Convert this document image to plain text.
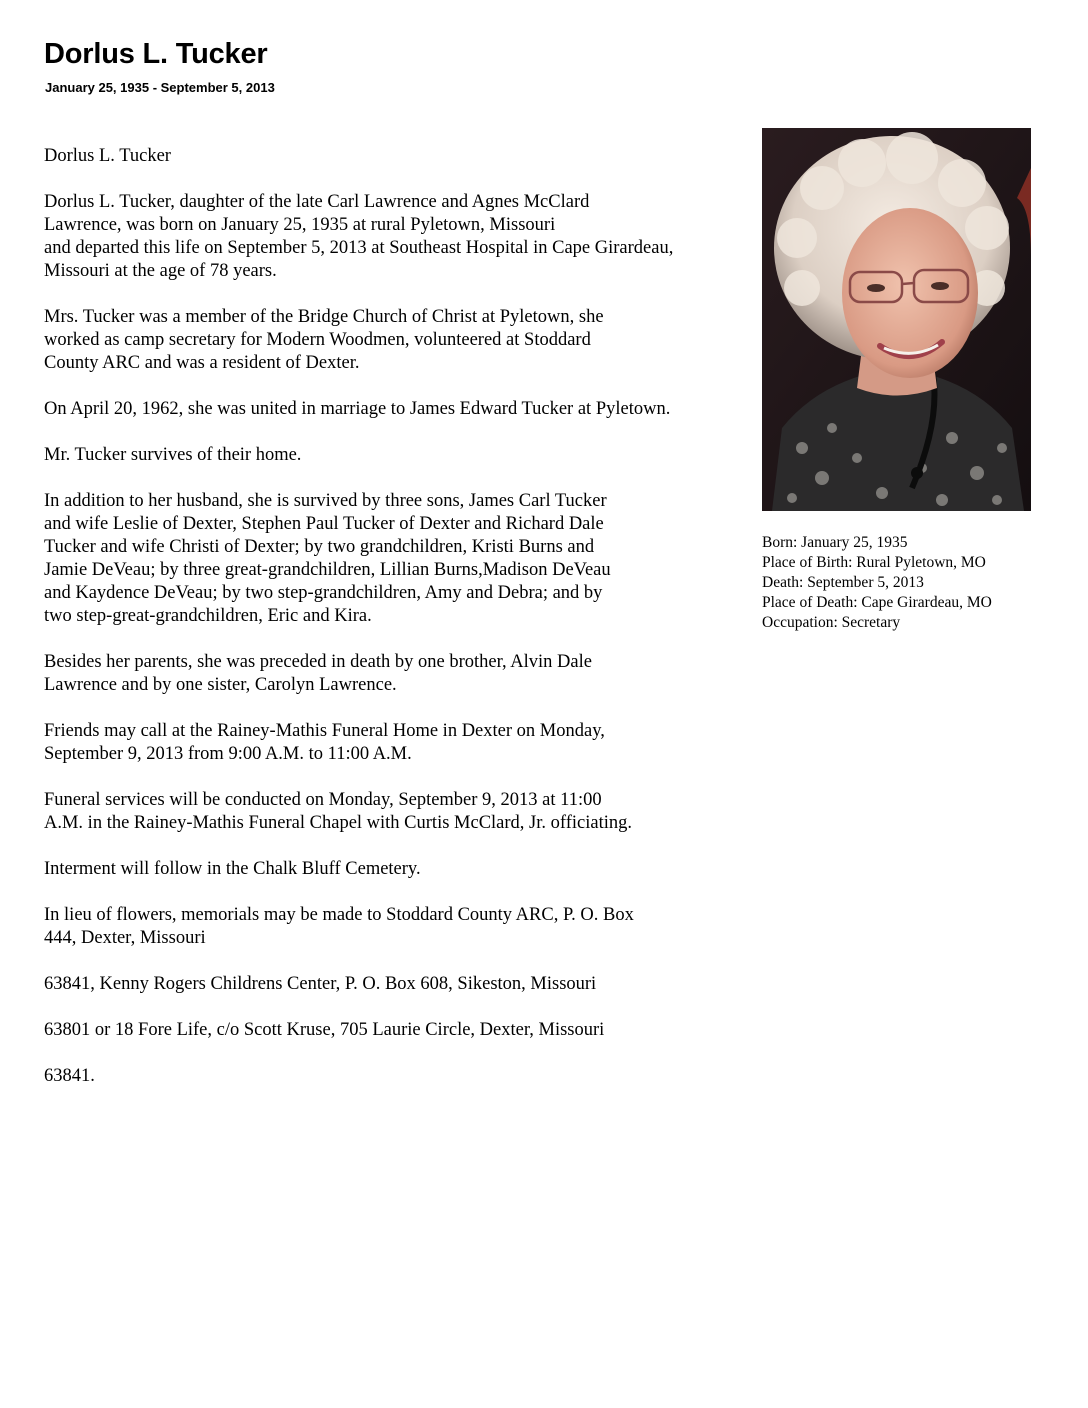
Dorlus L. Tucker
January 25, 1935 - September 5, 2013

Dorlus L. Tucker

Dorlus L. Tucker, daughter of the late Carl Lawrence and Agnes McClard
Lawrence, was born on January 25, 1935 at rural Pyletown, Missouri
and departed this life on September 5, 2013 at Southeast Hospital in Cape Girardeau,
Missouri at the age of 78 years.

Mrs. Tucker was a member of the Bridge Church of Christ at Pyletown, she
worked as camp secretary for Modern Woodmen, volunteered at Stoddard
County ARC and was a resident of Dexter.

On April 20, 1962, she was united in marriage to James Edward Tucker at Pyletown.

Mr. Tucker survives of their home.

In addition to her husband, she is survived by three sons, James Carl Tucker
and wife Leslie of Dexter, Stephen Paul Tucker of Dexter and Richard Dale
Tucker and wife Christi of Dexter; by two grandchildren, Kristi Burns and
Jamie DeVeau; by three great-grandchildren, Lillian Burns,Madison DeVeau
and Kaydence DeVeau; by two step-grandchildren, Amy and Debra; and by
two step-great-grandchildren, Eric and Kira.

Besides her parents, she was preceded in death by one brother, Alvin Dale
Lawrence and by one sister, Carolyn Lawrence.

Friends may call at the Rainey-Mathis Funeral Home in Dexter on Monday,
September 9, 2013 from 9:00 A.M. to 11:00 A.M.

Funeral services will be conducted on Monday, September 9, 2013 at 11:00
A.M. in the Rainey-Mathis Funeral Chapel with Curtis McClard, Jr. officiating.

Interment will follow in the Chalk Bluff Cemetery.

In lieu of flowers, memorials may be made to Stoddard County ARC, P. O. Box
444, Dexter, Missouri

63841, Kenny Rogers Childrens Center, P. O. Box 608, Sikeston, Missouri

63801 or 18 Fore Life, c/o Scott Kruse, 705 Laurie Circle, Dexter, Missouri

63841.

Born: January 25, 1935
Place of Birth: Rural Pyletown, MO
Death: September 5, 2013
Place of Death: Cape Girardeau, MO
Occupation: Secretary
